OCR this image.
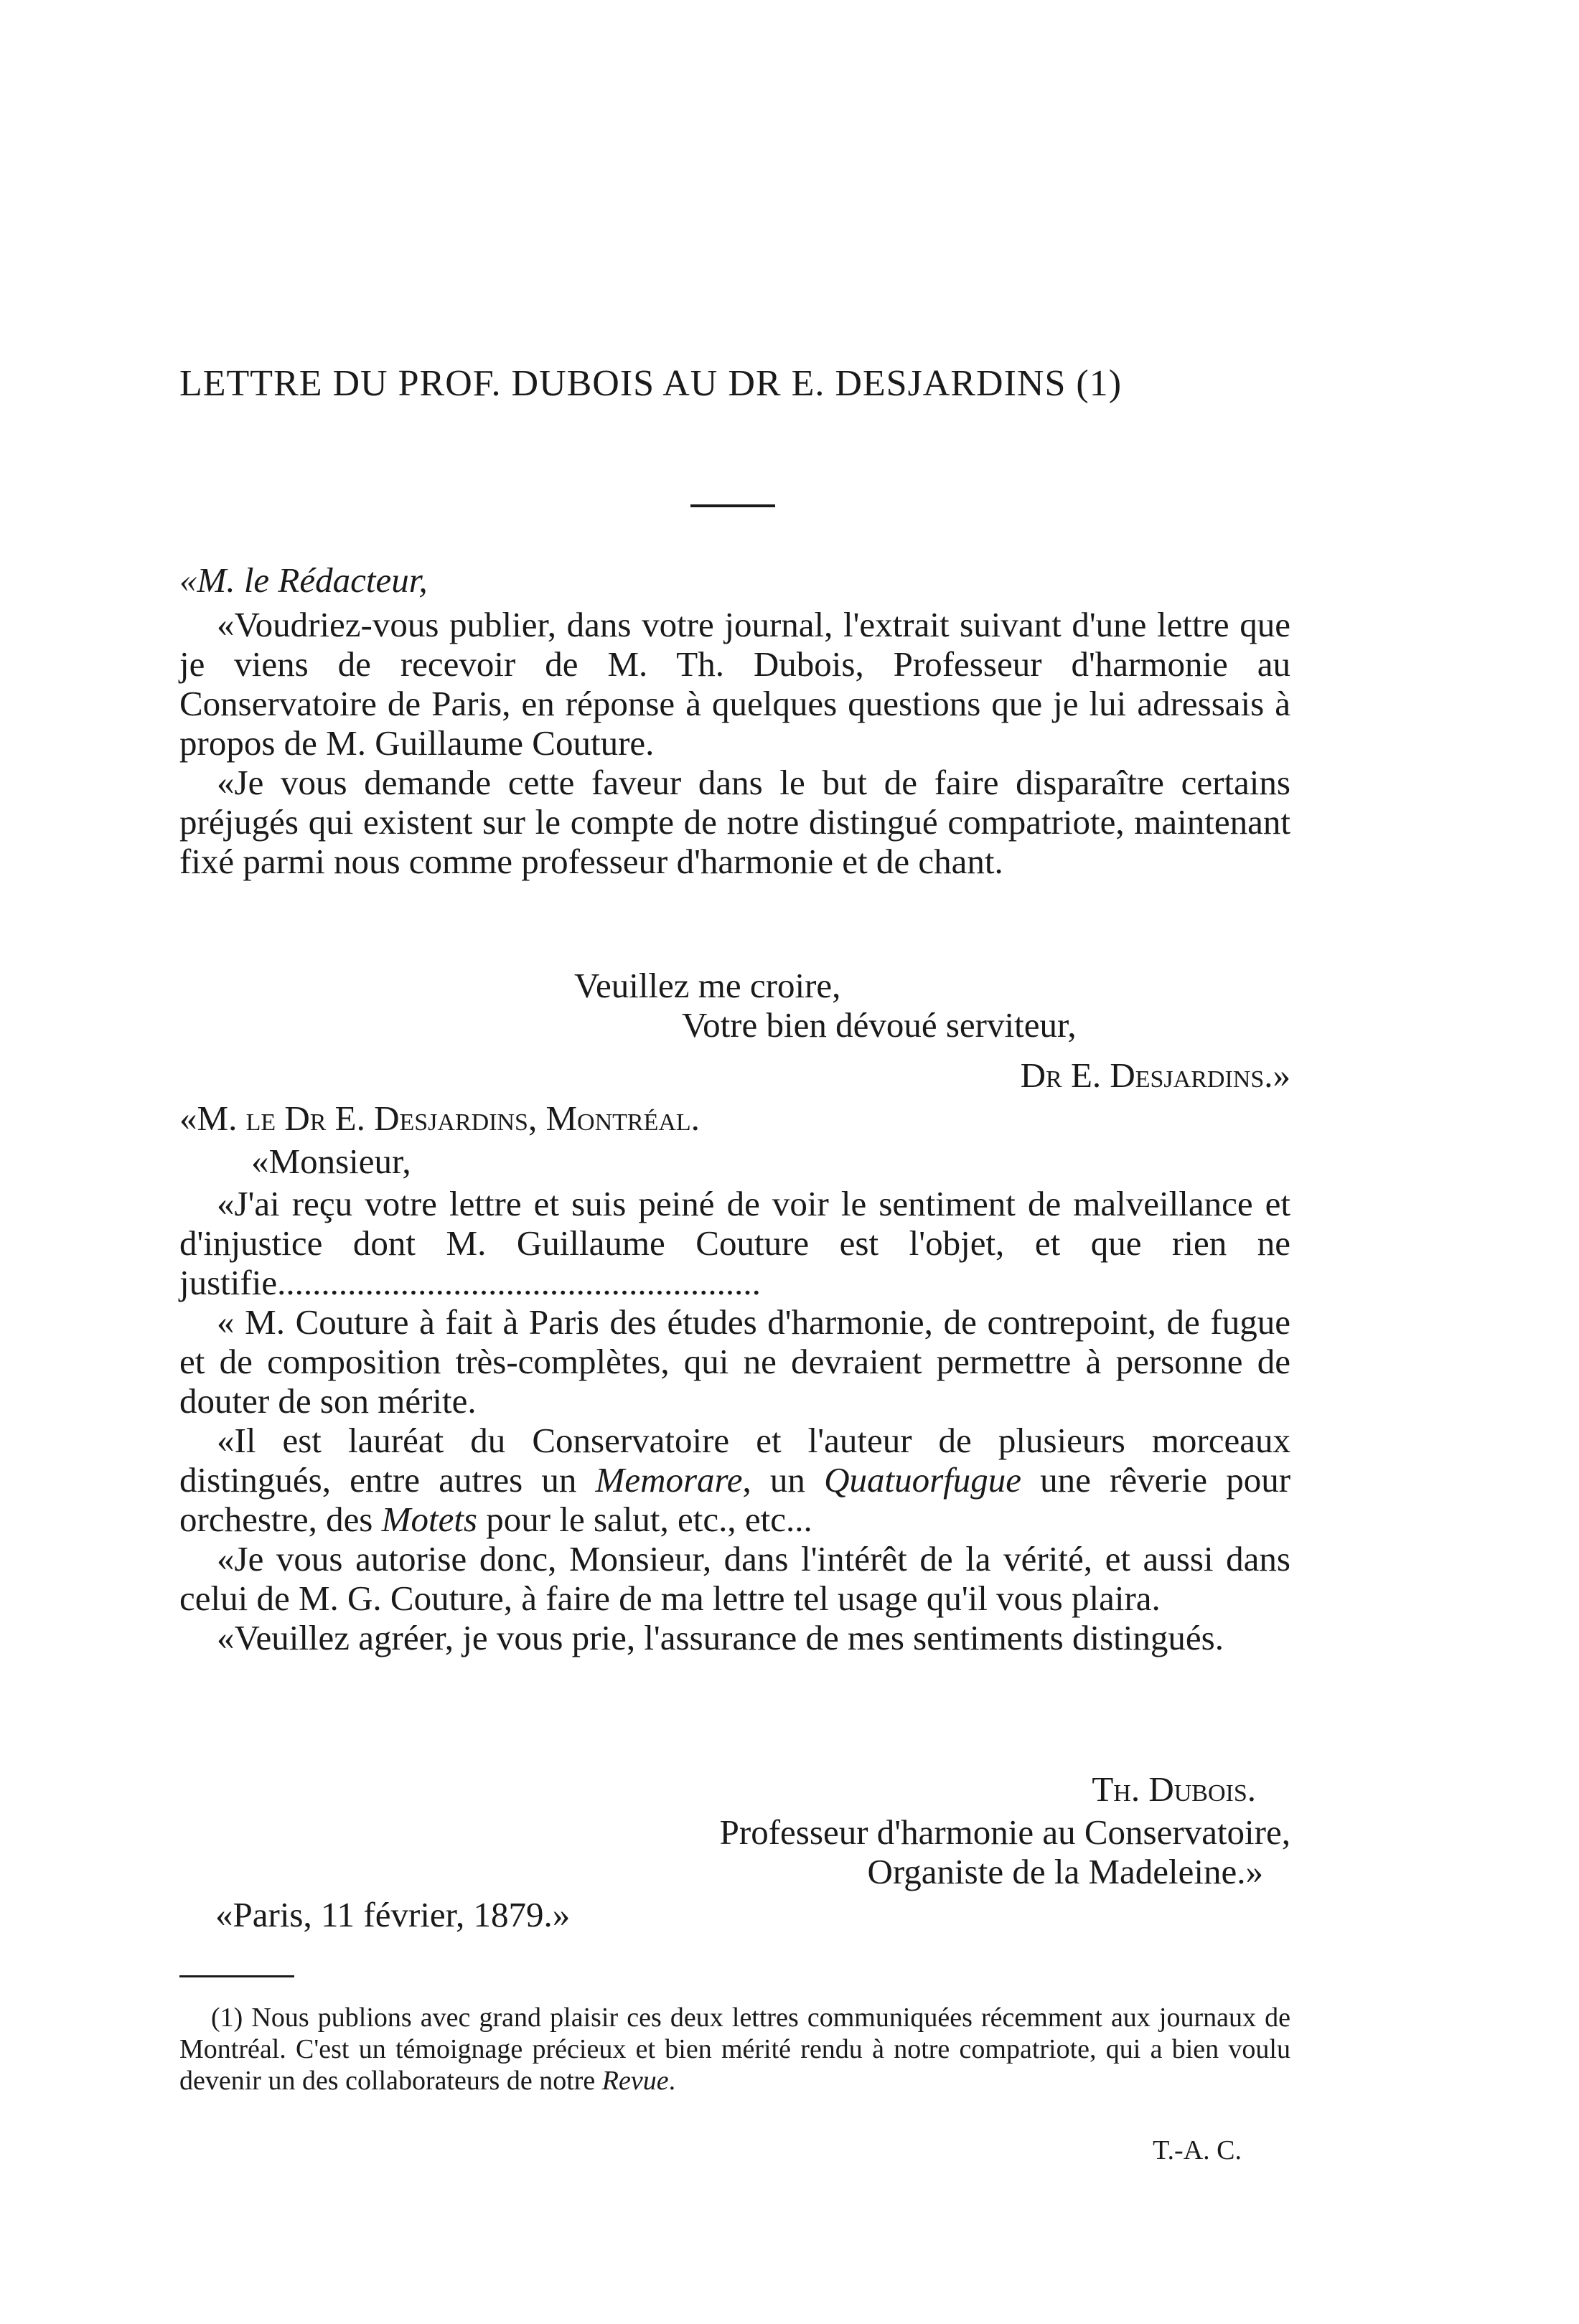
LETTRE DU PROF. DUBOIS AU DR E. DESJARDINS (1)
«M. le Rédacteur,

«Voudriez-vous publier, dans votre journal, l'extrait suivant d'une lettre que je viens de recevoir de M. Th. Dubois, Professeur d'harmonie au Conservatoire de Paris, en réponse à quelques questions que je lui adressais à propos de M. Guillaume Couture.

«Je vous demande cette faveur dans le but de faire disparaître certains préjugés qui existent sur le compte de notre distingué compatriote, maintenant fixé parmi nous comme professeur d'harmonie et de chant.

Veuillez me croire,
Votre bien dévoué serviteur,
Dr E. Desjardins.»
«M. le Dr E. Desjardins, Montréal.
«Monsieur,

«J'ai reçu votre lettre et suis peiné de voir le sentiment de malveillance et d'injustice dont M. Guillaume Couture est l'objet, et que rien ne justifie.......................................................

« M. Couture à fait à Paris des études d'harmonie, de contrepoint, de fugue et de composition très-complètes, qui ne devraient permettre à personne de douter de son mérite.

«Il est lauréat du Conservatoire et l'auteur de plusieurs morceaux distingués, entre autres un Memorare, un Quatuorfugue une rêverie pour orchestre, des Motets pour le salut, etc., etc...

«Je vous autorise donc, Monsieur, dans l'intérêt de la vérité, et aussi dans celui de M. G. Couture, à faire de ma lettre tel usage qu'il vous plaira.

«Veuillez agréer, je vous prie, l'assurance de mes sentiments distingués.

Th. Dubois.
Professeur d'harmonie au Conservatoire,
Organiste de la Madeleine.»
«Paris, 11 février, 1879.»

(1) Nous publions avec grand plaisir ces deux lettres communiquées récemment aux journaux de Montréal. C'est un témoignage précieux et bien mérité rendu à notre compatriote, qui a bien voulu devenir un des collaborateurs de notre Revue.

T.-A. C.
